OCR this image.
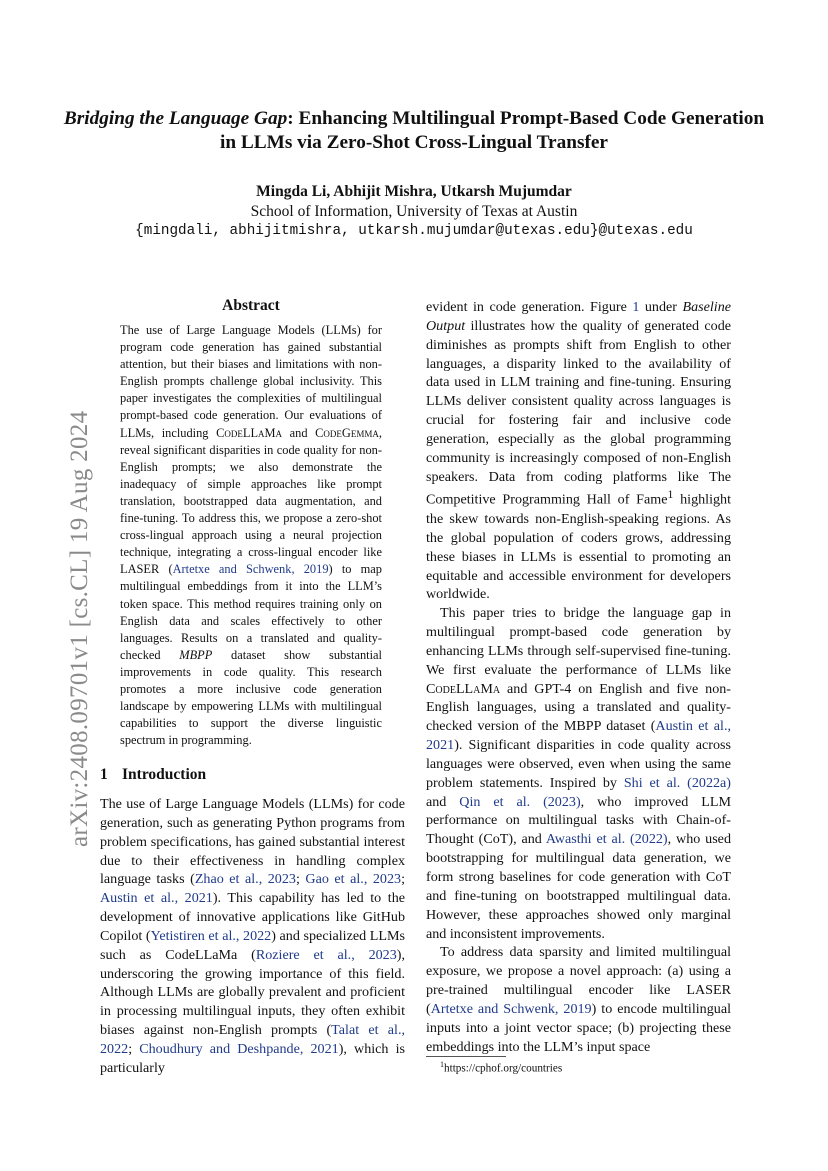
arXiv:2408.09701v1 [cs.CL] 19 Aug 2024
Bridging the Language Gap: Enhancing Multilingual Prompt-Based Code Generation in LLMs via Zero-Shot Cross-Lingual Transfer
Mingda Li, Abhijit Mishra, Utkarsh Mujumdar
School of Information, University of Texas at Austin
{mingdali, abhijitmishra, utkarsh.mujumdar@utexas.edu}@utexas.edu
Abstract

The use of Large Language Models (LLMs) for program code generation has gained substantial attention, but their biases and limitations with non-English prompts challenge global inclusivity. This paper investigates the complexities of multilingual prompt-based code generation. Our evaluations of LLMs, including CodeLLaMa and CodeGemma, reveal significant disparities in code quality for non-English prompts; we also demonstrate the inadequacy of simple approaches like prompt translation, bootstrapped data augmentation, and fine-tuning. To address this, we propose a zero-shot cross-lingual approach using a neural projection technique, integrating a cross-lingual encoder like LASER (Artetxe and Schwenk, 2019) to map multilingual embeddings from it into the LLM’s token space. This method requires training only on English data and scales effectively to other languages. Results on a translated and quality-checked MBPP dataset show substantial improvements in code quality. This research promotes a more inclusive code generation landscape by empowering LLMs with multilingual capabilities to support the diverse linguistic spectrum in programming.

1 Introduction

The use of Large Language Models (LLMs) for code generation, such as generating Python programs from problem specifications, has gained substantial interest due to their effectiveness in handling complex language tasks (Zhao et al., 2023; Gao et al., 2023; Austin et al., 2021). This capability has led to the development of innovative applications like GitHub Copilot (Yetistiren et al., 2022) and specialized LLMs such as CodeLLaMa (Roziere et al., 2023), underscoring the growing importance of this field. Although LLMs are globally prevalent and proficient in processing multilingual inputs, they often exhibit biases against non-English prompts (Talat et al., 2022; Choudhury and Deshpande, 2021), which is particularly

evident in code generation. Figure 1 under Baseline Output illustrates how the quality of generated code diminishes as prompts shift from English to other languages, a disparity linked to the availability of data used in LLM training and fine-tuning. Ensuring LLMs deliver consistent quality across languages is crucial for fostering fair and inclusive code generation, especially as the global programming community is increasingly composed of non-English speakers. Data from coding platforms like The Competitive Programming Hall of Fame$^1$ highlight the skew towards non-English-speaking regions. As the global population of coders grows, addressing these biases in LLMs is essential to promoting an equitable and accessible environment for developers worldwide.

This paper tries to bridge the language gap in multilingual prompt-based code generation by enhancing LLMs through self-supervised fine-tuning. We first evaluate the performance of LLMs like CodeLLaMa and GPT-4 on English and five non-English languages, using a translated and quality-checked version of the MBPP dataset (Austin et al., 2021). Significant disparities in code quality across languages were observed, even when using the same problem statements. Inspired by Shi et al. (2022a) and Qin et al. (2023), who improved LLM performance on multilingual tasks with Chain-of-Thought (CoT), and Awasthi et al. (2022), who used bootstrapping for multilingual data generation, we form strong baselines for code generation with CoT and fine-tuning on bootstrapped multilingual data. However, these approaches showed only marginal and inconsistent improvements.

To address data sparsity and limited multilingual exposure, we propose a novel approach: (a) using a pre-trained multilingual encoder like LASER (Artetxe and Schwenk, 2019) to encode multilingual inputs into a joint vector space; (b) projecting these embeddings into the LLM’s input space

$^1$https://cphof.org/countries
